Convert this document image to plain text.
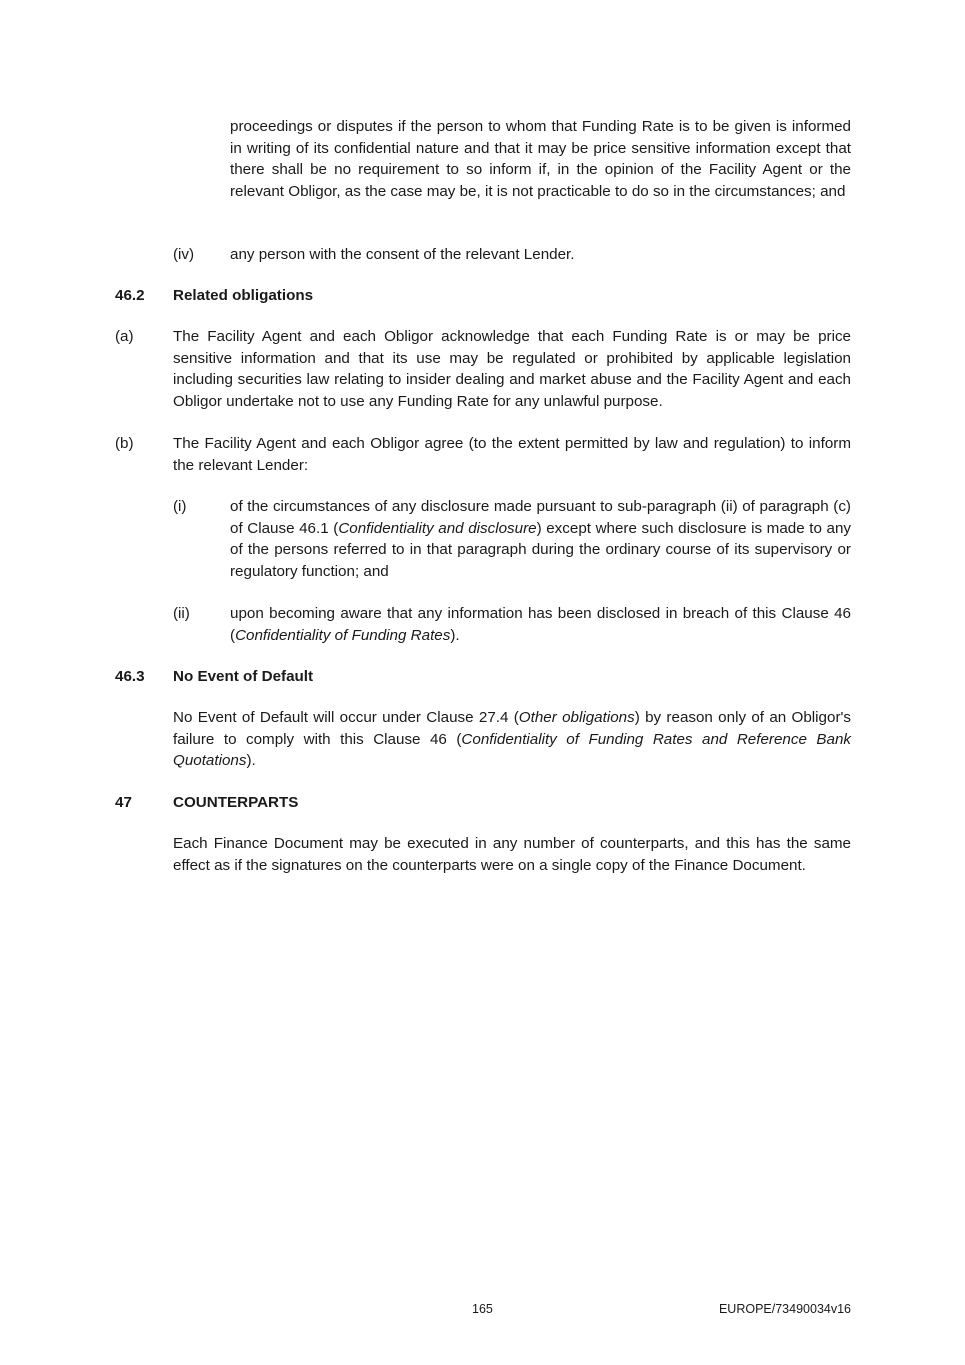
proceedings or disputes if the person to whom that Funding Rate is to be given is informed in writing of its confidential nature and that it may be price sensitive information except that there shall be no requirement to so inform if, in the opinion of the Facility Agent or the relevant Obligor, as the case may be, it is not practicable to do so in the circumstances; and

(iv) any person with the consent of the relevant Lender.

46.2 Related obligations
(a)	The Facility Agent and each Obligor acknowledge that each Funding Rate is or may be price sensitive information and that its use may be regulated or prohibited by applicable legislation including securities law relating to insider dealing and market abuse and the Facility Agent and each Obligor undertake not to use any Funding Rate for any unlawful purpose.

(b)	The Facility Agent and each Obligor agree (to the extent permitted by law and regulation) to inform the relevant Lender:

(i)	of the circumstances of any disclosure made pursuant to sub-paragraph (ii) of paragraph (c) of Clause 46.1 (Confidentiality and disclosure) except where such disclosure is made to any of the persons referred to in that paragraph during the ordinary course of its supervisory or regulatory function; and

(ii)	upon becoming aware that any information has been disclosed in breach of this Clause 46 (Confidentiality of Funding Rates).

46.3 No Event of Default

No Event of Default will occur under Clause 27.4 (Other obligations) by reason only of an Obligor's failure to comply with this Clause 46 (Confidentiality of Funding Rates and Reference Bank Quotations).

47	COUNTERPARTS

Each Finance Document may be executed in any number of counterparts, and this has the same effect as if the signatures on the counterparts were on a single copy of the Finance Document.

165	EUROPE/73490034v16
